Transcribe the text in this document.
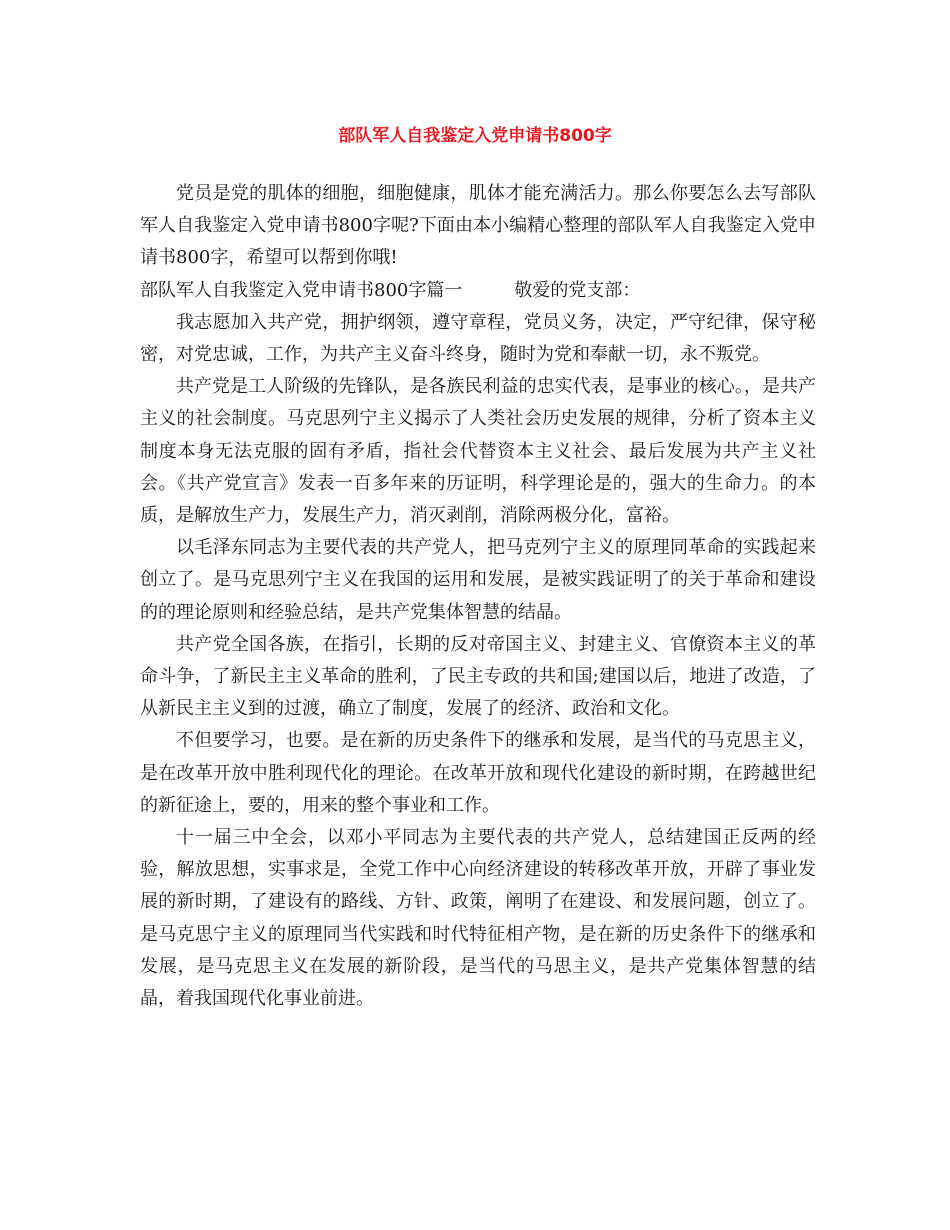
部队军人自我鉴定入党申请书800字

党员是党的肌体的细胞，细胞健康，肌体才能充满活力。那么你要怎么去写部队军人自我鉴定入党申请书800字呢?下面由本小编精心整理的部队军人自我鉴定入党申请书800字，希望可以帮到你哦!

部队军人自我鉴定入党申请书800字篇一	敬爱的党支部：

我志愿加入共产党，拥护纲领，遵守章程，党员义务，决定，严守纪律，保守秘密，对党忠诚，工作，为共产主义奋斗终身，随时为党和奉献一切，永不叛党。

共产党是工人阶级的先锋队，是各族民利益的忠实代表，是事业的核心。，是共产主义的社会制度。马克思列宁主义揭示了人类社会历史发展的规律，分析了资本主义制度本身无法克服的固有矛盾，指社会代替资本主义社会、最后发展为共产主义社会。《共产党宣言》发表一百多年来的历证明，科学理论是的，强大的生命力。的本质，是解放生产力，发展生产力，消灭剥削，消除两极分化，富裕。

以毛泽东同志为主要代表的共产党人，把马克列宁主义的原理同革命的实践起来创立了。是马克思列宁主义在我国的运用和发展，是被实践证明了的关于革命和建设的的理论原则和经验总结，是共产党集体智慧的结晶。

共产党全国各族，在指引，长期的反对帝国主义、封建主义、官僚资本主义的革命斗争，了新民主主义革命的胜利，了民主专政的共和国;建国以后，地进了改造，了从新民主主义到的过渡，确立了制度，发展了的经济、政治和文化。

不但要学习，也要。是在新的历史条件下的继承和发展，是当代的马克思主义，是在改革开放中胜利现代化的理论。在改革开放和现代化建设的新时期，在跨越世纪的新征途上，要的，用来的整个事业和工作。

十一届三中全会，以邓小平同志为主要代表的共产党人，总结建国正反两的经验，解放思想，实事求是，全党工作中心向经济建设的转移改革开放，开辟了事业发展的新时期，了建设有的路线、方针、政策，阐明了在建设、和发展问题，创立了。是马克思宁主义的原理同当代实践和时代特征相产物，是在新的历史条件下的继承和发展，是马克思主义在发展的新阶段，是当代的马思主义，是共产党集体智慧的结晶，着我国现代化事业前进。
